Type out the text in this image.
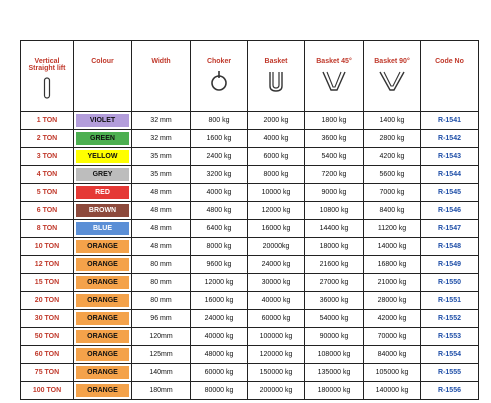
Vertical Straight lift	Colour	Width	Choker	Basket	Basket 45°	Basket 90°	Code No

1 TON	VIOLET	32 mm	800 kg	2000 kg	1800 kg	1400 kg	R-1541
2 TON	GREEN	32 mm	1600 kg	4000 kg	3600 kg	2800 kg	R-1542
3 TON	YELLOW	35 mm	2400 kg	6000 kg	5400 kg	4200 kg	R-1543
4 TON	GREY	35 mm	3200 kg	8000 kg	7200 kg	5600 kg	R-1544
5 TON	RED	48 mm	4000 kg	10000 kg	9000 kg	7000 kg	R-1545
6 TON	BROWN	48 mm	4800 kg	12000 kg	10800 kg	8400 kg	R-1546
8 TON	BLUE	48 mm	6400 kg	16000 kg	14400 kg	11200 kg	R-1547
10 TON	ORANGE	48 mm	8000 kg	20000kg	18000 kg	14000 kg	R-1548
12 TON	ORANGE	80 mm	9600 kg	24000 kg	21600 kg	16800 kg	R-1549
15 TON	ORANGE	80 mm	12000 kg	30000 kg	27000 kg	21000 kg	R-1550
20 TON	ORANGE	80 mm	16000 kg	40000 kg	36000 kg	28000 kg	R-1551
30 TON	ORANGE	96 mm	24000 kg	60000 kg	54000 kg	42000 kg	R-1552
50 TON	ORANGE	120mm	40000 kg	100000 kg	90000 kg	70000 kg	R-1553
60 TON	ORANGE	125mm	48000 kg	120000 kg	108000 kg	84000 kg	R-1554
75 TON	ORANGE	140mm	60000 kg	150000 kg	135000 kg	105000 kg	R-1555
100 TON	ORANGE	180mm	80000 kg	200000 kg	180000 kg	140000 kg	R-1556
